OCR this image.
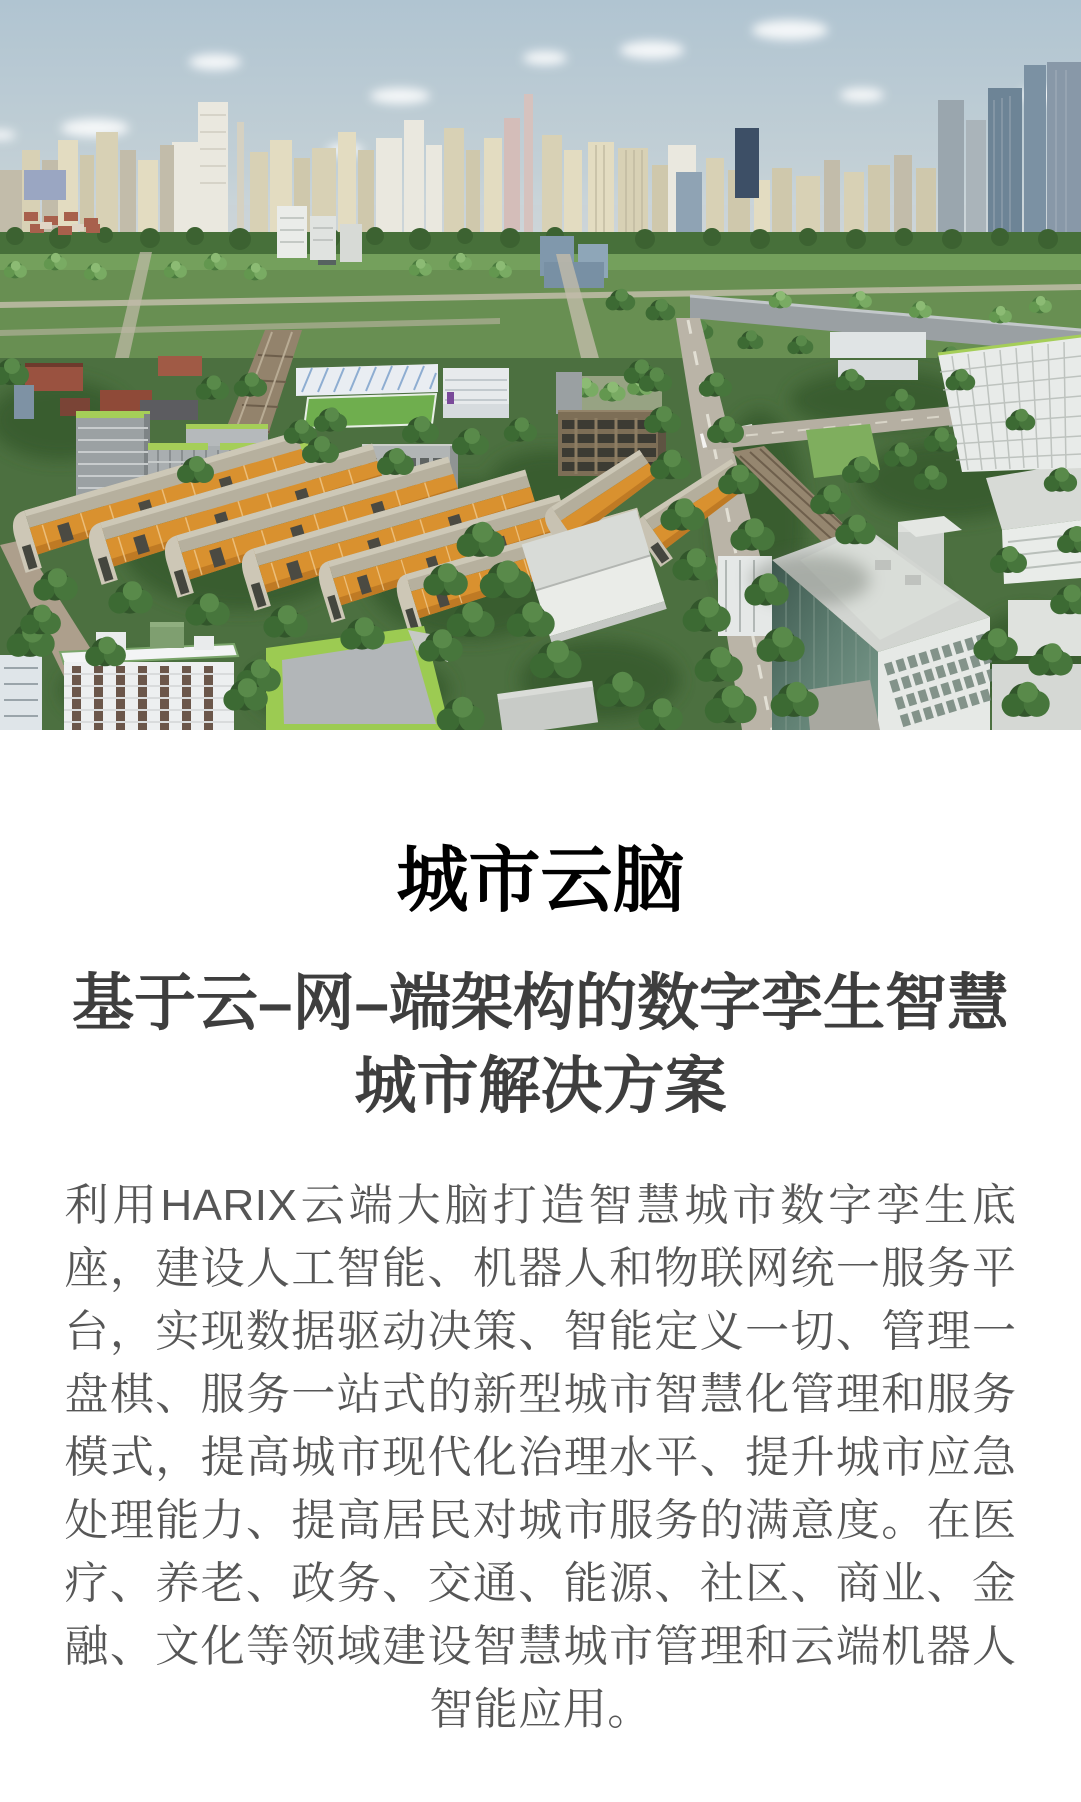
城市云脑
基于云–网–端架构的数字孪生智慧城市解决方案

利用HARIX云端大脑打造智慧城市数字孪生底座，建设人工智能、机器人和物联网统一服务平台，实现数据驱动决策、智能定义一切、管理一盘棋、服务一站式的新型城市智慧化管理和服务模式，提高城市现代化治理水平、提升城市应急处理能力、提高居民对城市服务的满意度。在医疗、养老、政务、交通、能源、社区、商业、金融、文化等领域建设智慧城市管理和云端机器人智能应用。
